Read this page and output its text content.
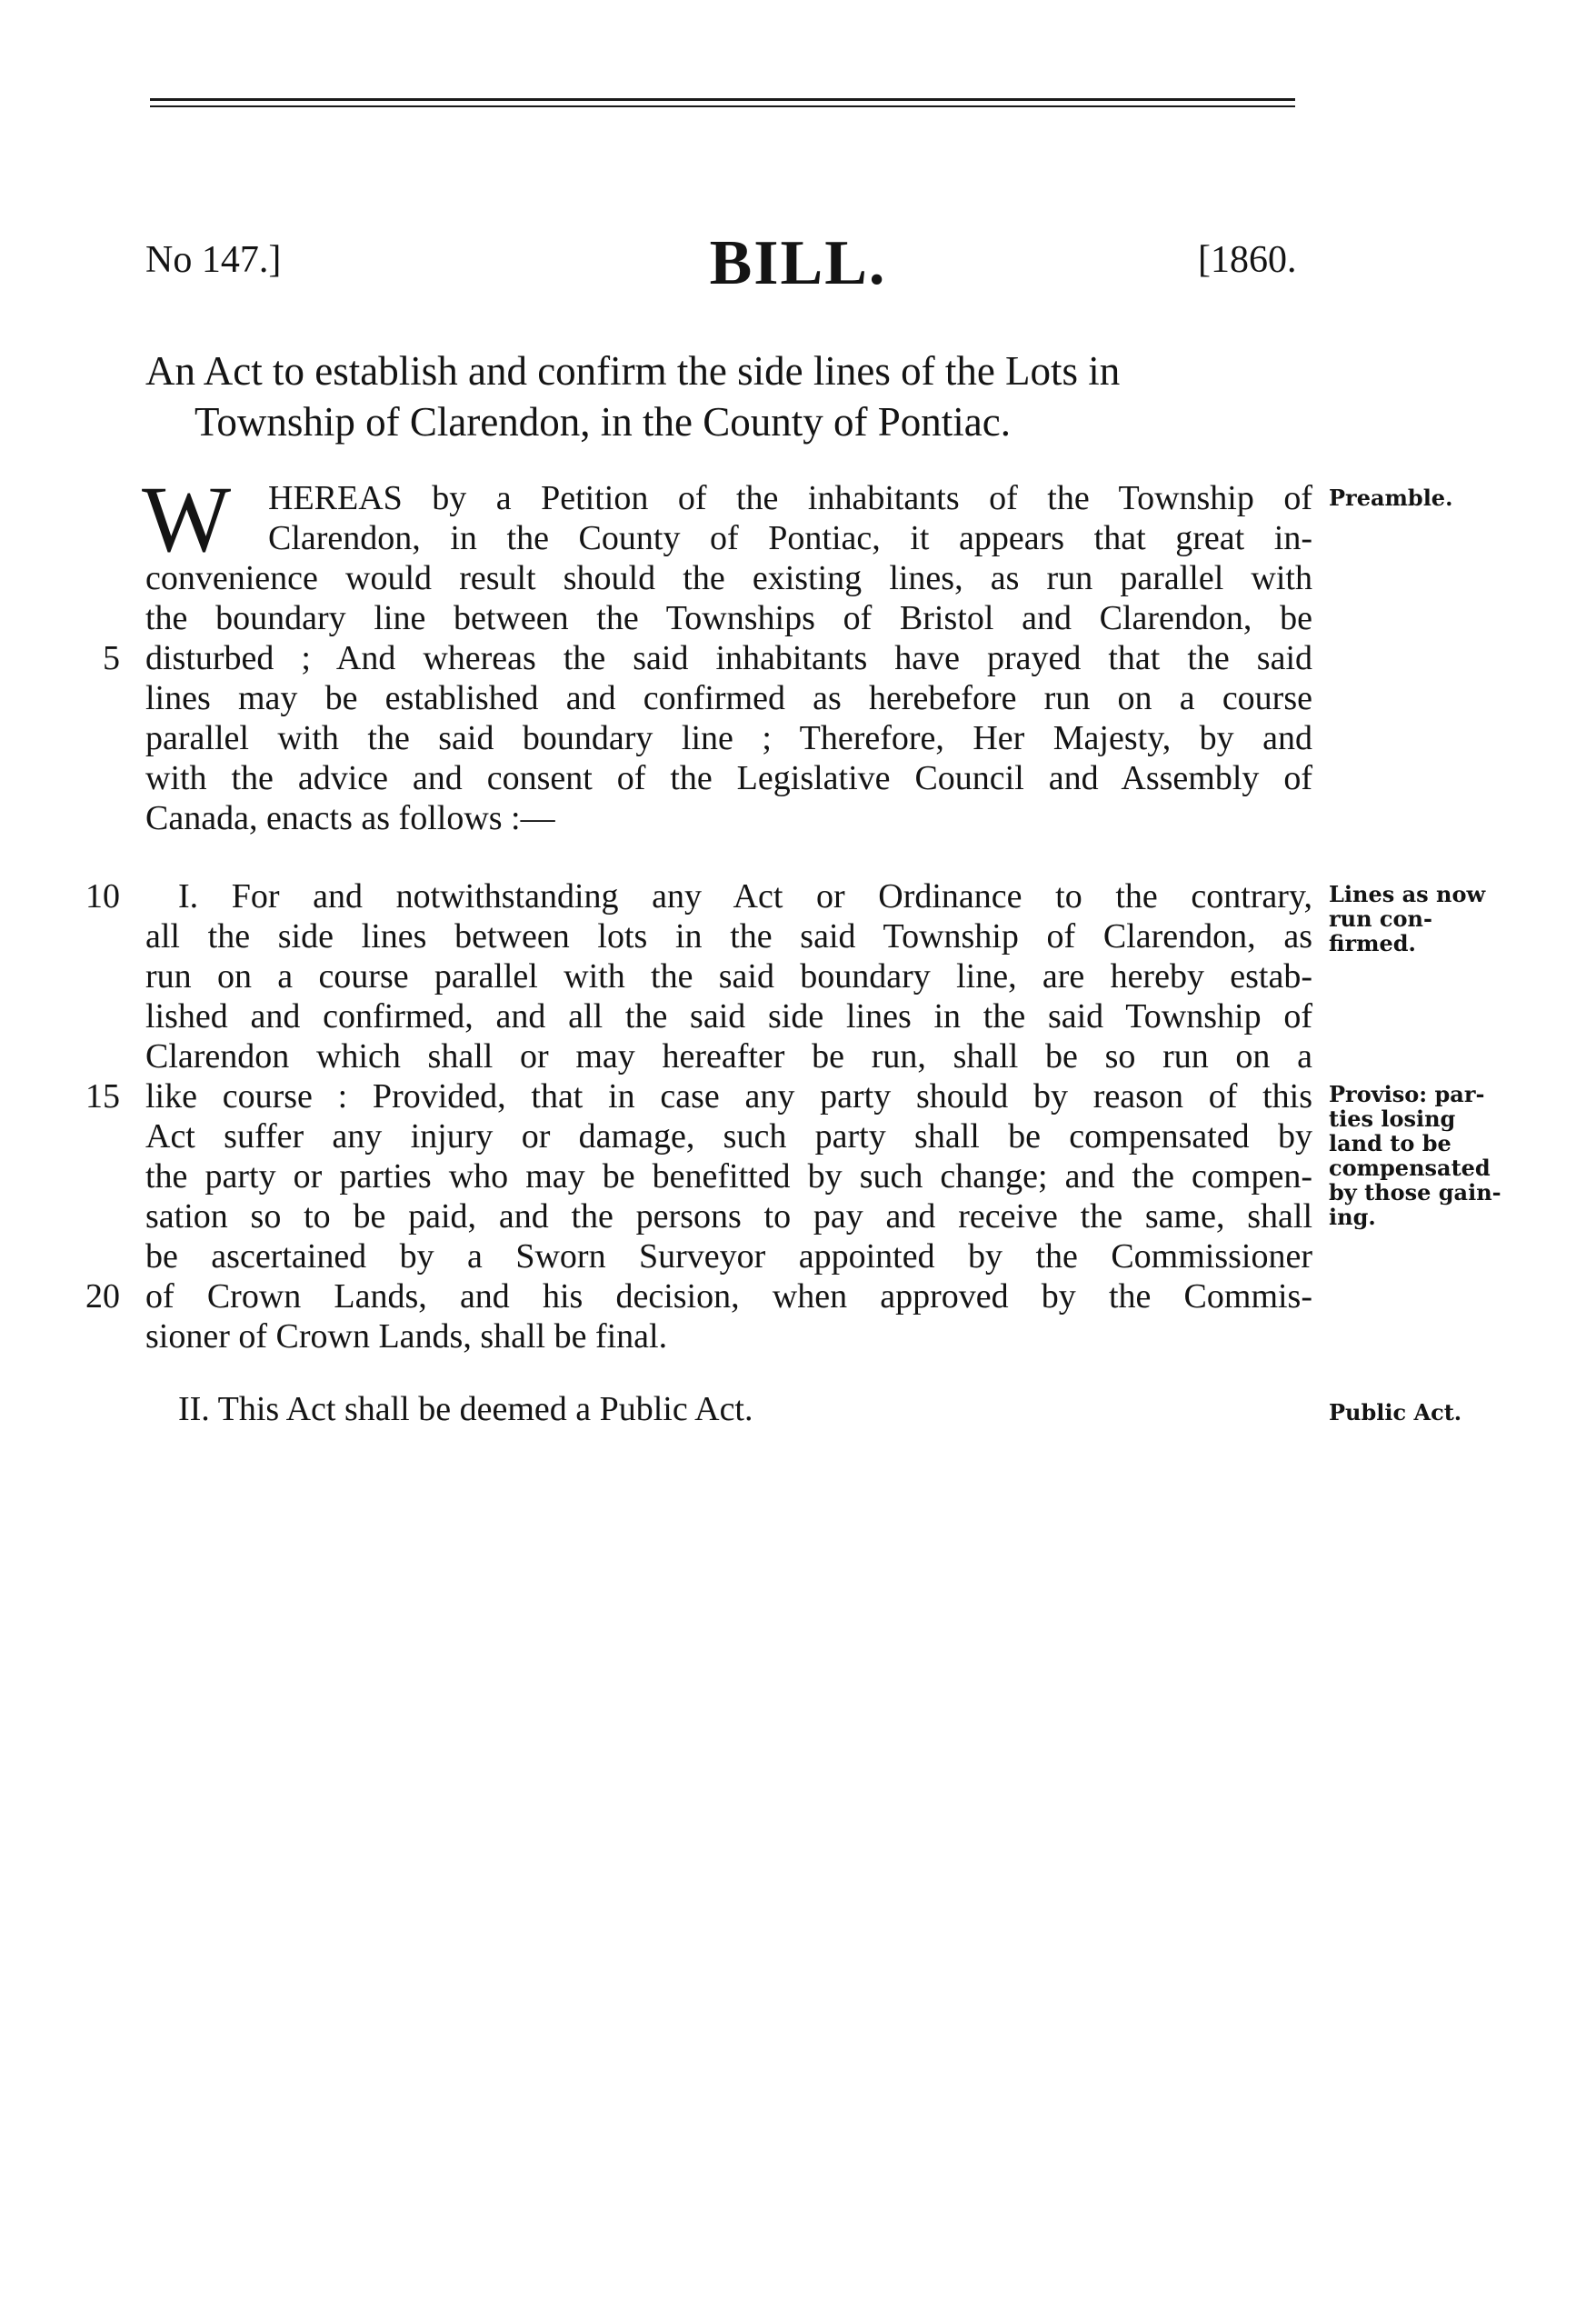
No 147.]	BILL.	[1860.
An Act to establish and confirm the side lines of the Lots in
Township of Clarendon, in the County of Pontiac.
W HEREAS by a Petition of the inhabitants of the Township of
Clarendon, in the County of Pontiac, it appears that great in-
convenience would result should the existing lines, as run parallel with
the boundary line between the Townships of Bristol and Clarendon, be
disturbed ; And whereas the said inhabitants have prayed that the said
lines may be established and confirmed as herebefore run on a course
parallel with the said boundary line ; Therefore, Her Majesty, by and
with the advice and consent of the Legislative Council and Assembly of
Canada, enacts as follows :—
I. For and notwithstanding any Act or Ordinance to the contrary,
all the side lines between lots in the said Township of Clarendon, as
run on a course parallel with the said boundary line, are hereby estab-
lished and confirmed, and all the said side lines in the said Township of
Clarendon which shall or may hereafter be run, shall be so run on a
like course : Provided, that in case any party should by reason of this
Act suffer any injury or damage, such party shall be compensated by
the party or parties who may be benefitted by such change; and the compen-
sation so to be paid, and the persons to pay and receive the same, shall
be ascertained by a Sworn Surveyor appointed by the Commissioner
of Crown Lands, and his decision, when approved by the Commis-
sioner of Crown Lands, shall be final.
II. This Act shall be deemed a Public Act.
5
10
15
20
Preamble.
Lines as now
run con-
firmed.
Proviso: par-
ties losing
land to be
compensated
by those gain-
ing.
Public Act.
